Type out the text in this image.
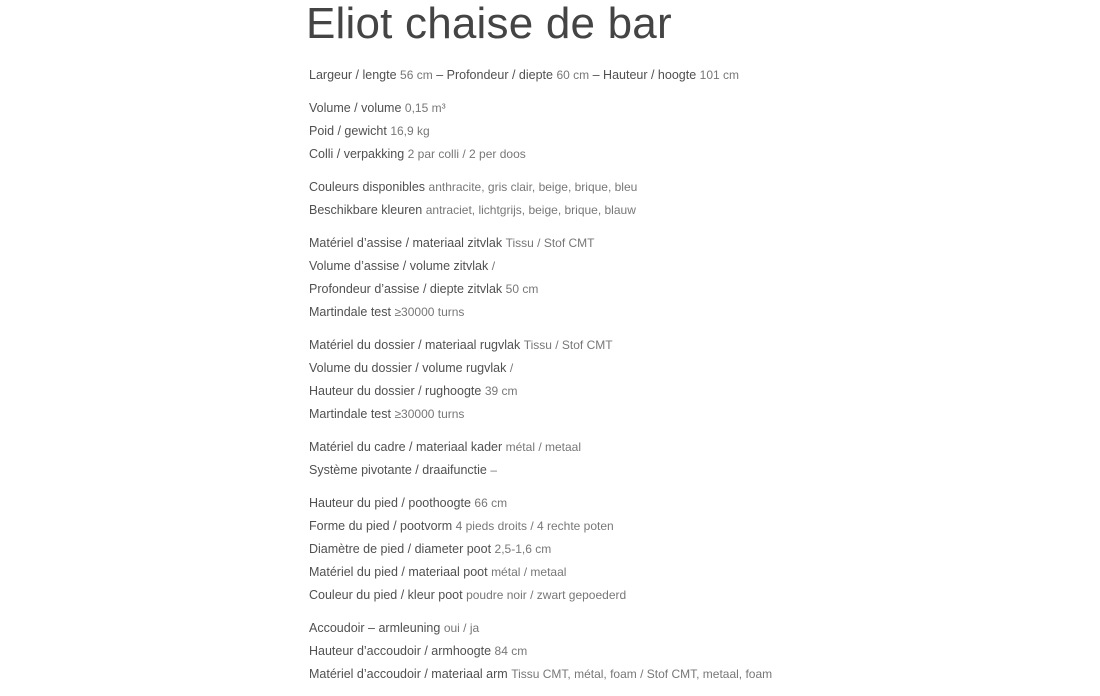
Eliot chaise de bar
Largeur / lengte 56 cm – Profondeur / diepte 60 cm – Hauteur / hoogte 101 cm
Volume / volume 0,15 m³
Poid / gewicht 16,9 kg
Colli / verpakking 2 par colli / 2 per doos
Couleurs disponibles anthracite, gris clair, beige, brique, bleu
Beschikbare kleuren antraciet, lichtgrijs, beige, brique, blauw
Matériel d’assise / materiaal zitvlak Tissu / Stof CMT
Volume d’assise / volume zitvlak /
Profondeur d’assise / diepte zitvlak 50 cm
Martindale test ≥30000 turns
Matériel du dossier / materiaal rugvlak Tissu / Stof CMT
Volume du dossier / volume rugvlak /
Hauteur du dossier / rughoogte 39 cm
Martindale test ≥30000 turns
Matériel du cadre / materiaal kader métal / metaal
Système pivotante / draaifunctie –
Hauteur du pied / poothoogte 66 cm
Forme du pied / pootvorm 4 pieds droits / 4 rechte poten
Diamètre de pied / diameter poot 2,5-1,6 cm
Matériel du pied / materiaal poot métal / metaal
Couleur du pied / kleur poot poudre noir / zwart gepoederd
Accoudoir – armleuning oui / ja
Hauteur d’accoudoir / armhoogte 84 cm
Matériel d’accoudoir / materiaal arm Tissu CMT, métal, foam / Stof CMT, metaal, foam
